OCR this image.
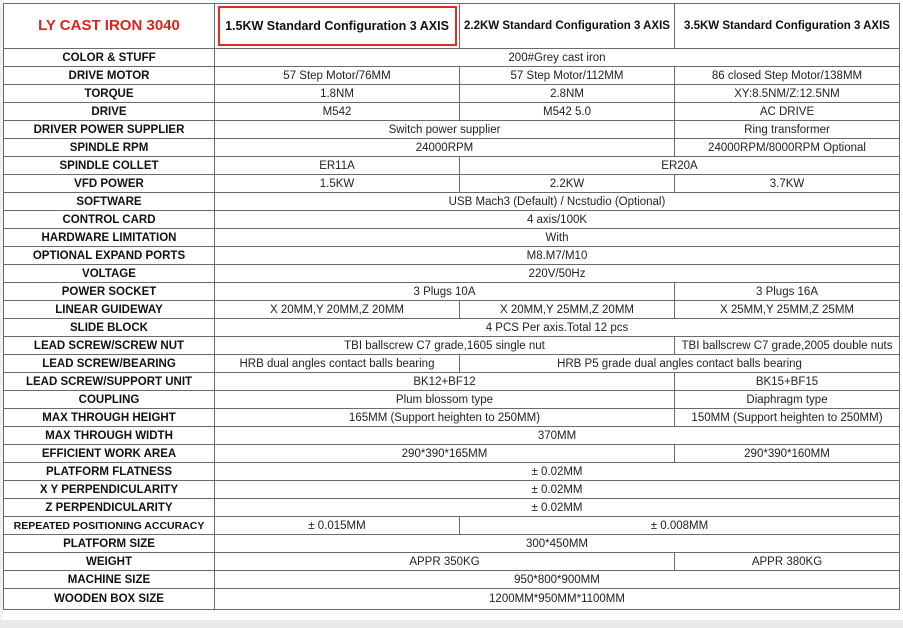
LY CAST IRON 3040	1.5KW Standard Configuration 3 AXIS	2.2KW Standard Configuration 3 AXIS	3.5KW Standard Configuration 3 AXIS
COLOR & STUFF	200#Grey cast iron		
DRIVE MOTOR	57 Step Motor/76MM	57 Step Motor/112MM	86 closed Step Motor/138MM
TORQUE	1.8NM	2.8NM	XY:8.5NM/Z:12.5NM
DRIVE	M542	M542 5.0	AC DRIVE
DRIVER POWER SUPPLIER	Switch power supplier		Ring transformer
SPINDLE RPM	24000RPM		24000RPM/8000RPM Optional
SPINDLE COLLET	ER11A	ER20A	
VFD POWER	1.5KW	2.2KW	3.7KW
SOFTWARE	USB Mach3 (Default) / Ncstudio (Optional)		
CONTROL CARD	4 axis/100K		
HARDWARE LIMITATION	With		
OPTIONAL EXPAND PORTS	M8.M7/M10		
VOLTAGE	220V/50Hz		
POWER SOCKET	3 Plugs 10A		3 Plugs 16A
LINEAR GUIDEWAY	X 20MM,Y 20MM,Z 20MM	X 20MM,Y 25MM,Z 20MM	X 25MM,Y 25MM,Z 25MM
SLIDE BLOCK	4 PCS Per axis.Total 12 pcs		
LEAD SCREW/SCREW NUT	TBI ballscrew C7 grade,1605 single nut		TBI ballscrew C7 grade,2005 double nuts
LEAD SCREW/BEARING	HRB dual angles contact balls bearing	HRB P5 grade dual angles contact balls bearing	
LEAD SCREW/SUPPORT UNIT	BK12+BF12		BK15+BF15
COUPLING	Plum blossom type		Diaphragm type
MAX THROUGH HEIGHT	165MM (Support heighten to 250MM)		150MM (Support heighten to 250MM)
MAX THROUGH WIDTH	370MM		
EFFICIENT WORK AREA	290*390*165MM		290*390*160MM
PLATFORM FLATNESS	± 0.02MM		
X Y PERPENDICULARITY	± 0.02MM		
Z PERPENDICULARITY	± 0.02MM		
REPEATED POSITIONING ACCURACY	± 0.015MM	± 0.008MM	
PLATFORM SIZE	300*450MM		
WEIGHT	APPR 350KG		APPR 380KG
MACHINE SIZE	950*800*900MM		
WOODEN BOX SIZE	1200MM*950MM*1100MM		
